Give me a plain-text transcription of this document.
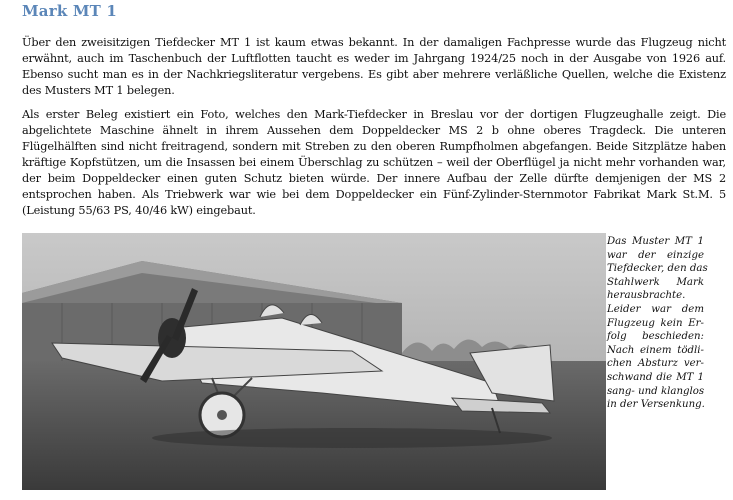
Mark MT 1

Über den zweisitzigen Tiefdecker MT 1 ist kaum etwas bekannt. In der damaligen Fachpresse wurde das Flugzeug nicht erwähnt, auch im Taschenbuch der Luftflotten taucht es weder im Jahrgang 1924/25 noch in der Ausgabe von 1926 auf. Ebenso sucht man es in der Nachkriegsliteratur vergebens. Es gibt aber mehrere verläßliche Quellen, welche die Existenz des Musters MT 1 belegen.

Als erster Beleg existiert ein Foto, welches den Mark-Tiefdecker in Breslau vor der dortigen Flugzeughalle zeigt. Die abgelichtete Maschine ähnelt in ihrem Aussehen dem Doppeldecker MS 2 b ohne oberes Tragdeck. Die unteren Flügelhälften sind nicht freitragend, sondern mit Streben zu den oberen Rumpfholmen abgefangen. Beide Sitzplätze haben kräftige Kopfstützen, um die Insassen bei einem Überschlag zu schützen – weil der Oberflügel ja nicht mehr vorhanden war, der beim Doppeldecker einen guten Schutz bieten würde. Der innere Aufbau der Zelle dürfte demjenigen der MS 2 entsprochen haben. Als Triebwerk war wie bei dem Doppeldecker ein Fünf-Zylinder-Sternmotor Fabrikat Mark St.M. 5 (Leistung 55/63 PS, 40/46 kW) eingebaut.

Das Muster MT 1
war der einzige
Tiefdecker, den das
Stahlwerk Mark
herausbrachte.
Leider war dem
Flugzeug kein Er-
folg beschieden:
Nach einem tödli-
chen Absturz ver-
schwand die MT 1
sang- und klanglos
in der Versenkung.
